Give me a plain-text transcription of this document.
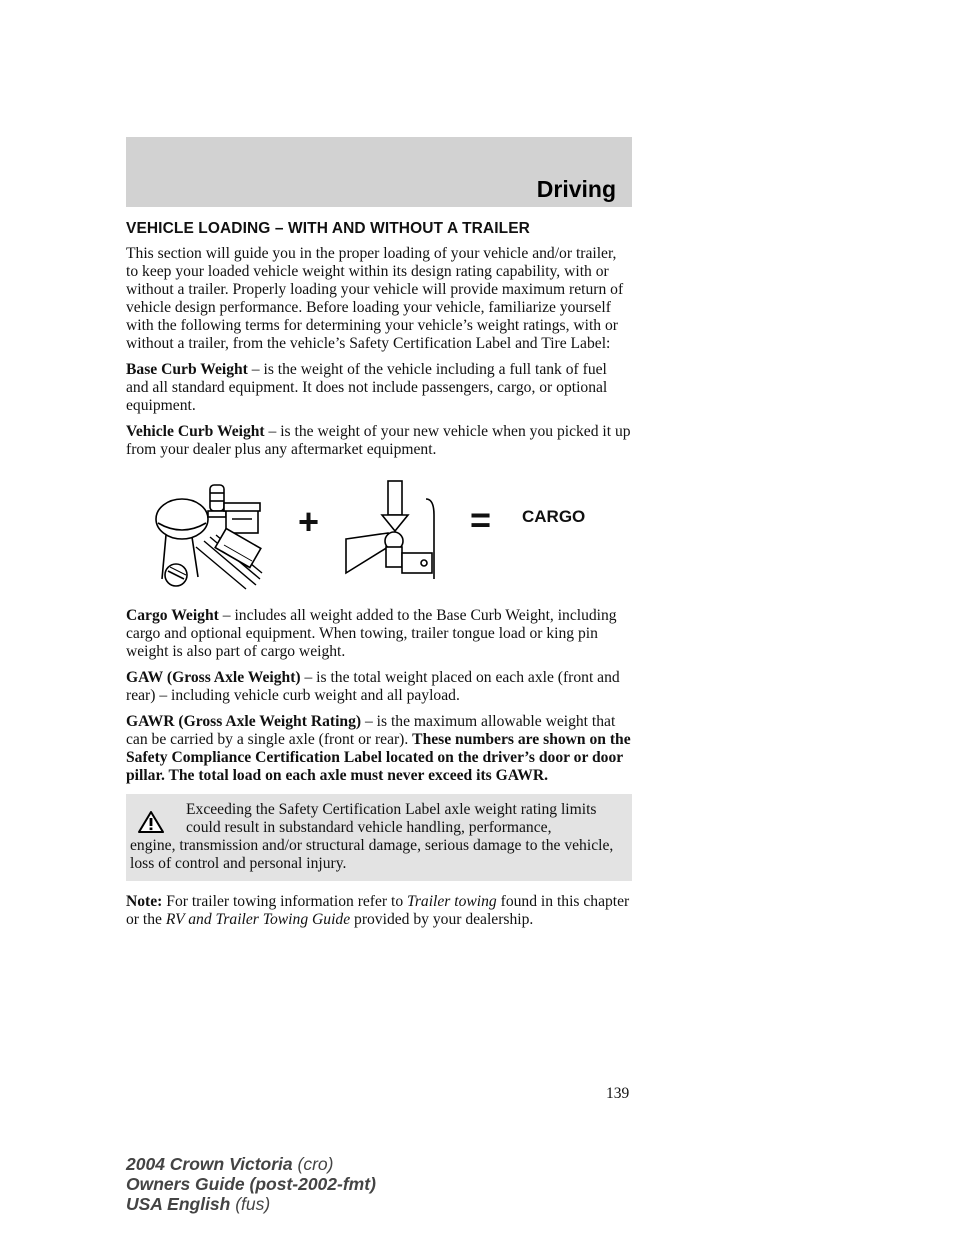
Driving
VEHICLE LOADING – WITH AND WITHOUT A TRAILER

This section will guide you in the proper loading of your vehicle and/or trailer, to keep your loaded vehicle weight within its design rating capability, with or without a trailer. Properly loading your vehicle will provide maximum return of vehicle design performance. Before loading your vehicle, familiarize yourself with the following terms for determining your vehicle’s weight ratings, with or without a trailer, from the vehicle’s Safety Certification Label and Tire Label:

Base Curb Weight – is the weight of the vehicle including a full tank of fuel and all standard equipment. It does not include passengers, cargo, or optional equipment.

Vehicle Curb Weight – is the weight of your new vehicle when you picked it up from your dealer plus any aftermarket equipment.

+	= CARGO

Cargo Weight – includes all weight added to the Base Curb Weight, including cargo and optional equipment. When towing, trailer tongue load or king pin weight is also part of cargo weight.

GAW (Gross Axle Weight) – is the total weight placed on each axle (front and rear) – including vehicle curb weight and all payload.

GAWR (Gross Axle Weight Rating) – is the maximum allowable weight that can be carried by a single axle (front or rear). These numbers are shown on the Safety Compliance Certification Label located on the driver’s door or door pillar. The total load on each axle must never exceed its GAWR.

Exceeding the Safety Certification Label axle weight rating limits

could result in substandard vehicle handling, performance,

engine, transmission and/or structural damage, serious damage to the vehicle, loss of control and personal injury.

Note: For trailer towing information refer to Trailer towing found in this chapter or the RV and Trailer Towing Guide provided by your dealership.

139
2004 Crown Victoria (cro)
Owners Guide (post-2002-fmt)
USA English (fus)
